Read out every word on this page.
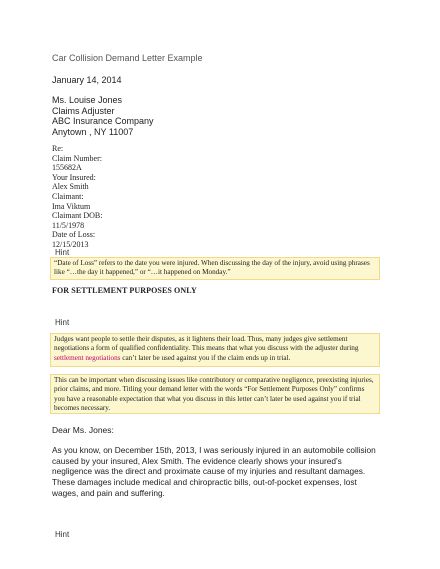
Car Collision Demand Letter Example
January 14, 2014
Ms. Louise Jones
Claims Adjuster
ABC Insurance Company
Anytown , NY 11007
Re:
Claim Number:
155682A
Your Insured:
Alex Smith
Claimant:
Ima Viktum
Claimant DOB:
11/5/1978
Date of Loss:
12/15/2013
Hint

“Date of Loss” refers to the date you were injured. When discussing the day of the injury, avoid using phrases like “…the day it happened,” or “…it happened on Monday.”

FOR SETTLEMENT PURPOSES ONLY
Hint

Judges want people to settle their disputes, as it lightens their load. Thus, many judges give settlement negotiations a form of qualified confidentiality. This means that what you discuss with the adjuster during settlement negotiations can’t later be used against you if the claim ends up in trial.

This can be important when discussing issues like contributory or comparative negligence, preexisting injuries, prior claims, and more. Titling your demand letter with the words “For Settlement Purposes Only” confirms you have a reasonable expectation that what you discuss in this letter can’t later be used against you if trial becomes necessary.

Dear Ms. Jones:
As you know, on December 15th, 2013, I was seriously injured in an automobile collision caused by your insured, Alex Smith. The evidence clearly shows your insured’s negligence was the direct and proximate cause of my injuries and resultant damages. These damages include medical and chiropractic bills, out-of-pocket expenses, lost wages, and pain and suffering.
Hint
